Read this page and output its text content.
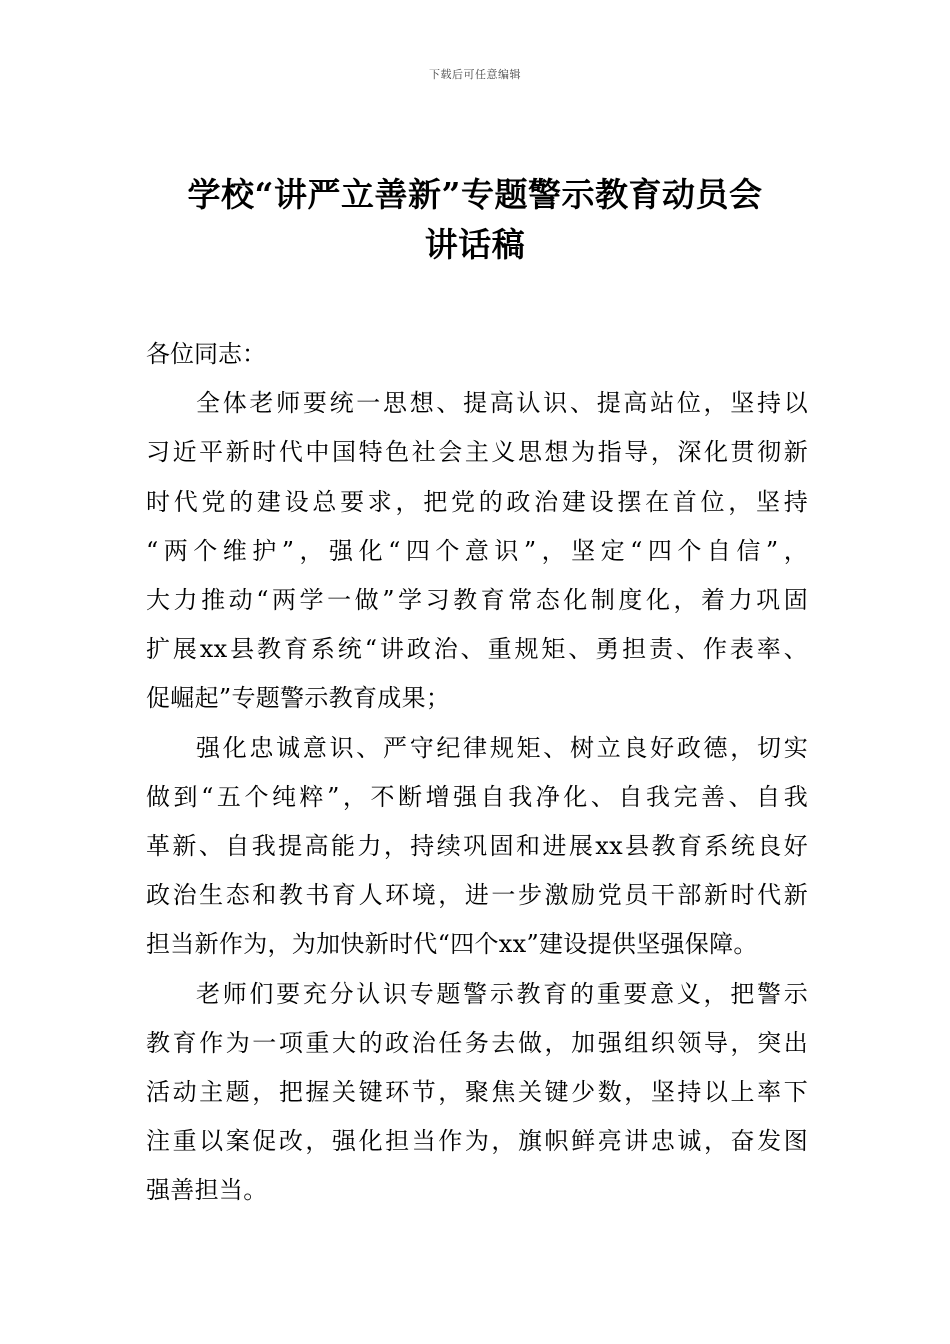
下载后可任意编辑
学校“讲严立善新”专题警示教育动员会
讲话稿

各位同志：

全体老师要统一思想、提高认识、提高站位，坚持以
习近平新时代中国特色社会主义思想为指导，深化贯彻新
时代党的建设总要求，把党的政治建设摆在首位，坚持
“两个维护”，强化“四个意识”，坚定“四个自信”，
大力推动“两学一做”学习教育常态化制度化，着力巩固
扩展xx县教育系统“讲政治、重规矩、勇担责、作表率、
促崛起”专题警示教育成果；

强化忠诚意识、严守纪律规矩、树立良好政德，切实
做到“五个纯粹”，不断增强自我净化、自我完善、自我
革新、自我提高能力，持续巩固和进展xx县教育系统良好
政治生态和教书育人环境，进一步激励党员干部新时代新
担当新作为，为加快新时代“四个xx”建设提供坚强保障。

老师们要充分认识专题警示教育的重要意义，把警示
教育作为一项重大的政治任务去做，加强组织领导，突出
活动主题，把握关键环节，聚焦关键少数，坚持以上率下
注重以案促改，强化担当作为，旗帜鲜亮讲忠诚，奋发图
强善担当。
